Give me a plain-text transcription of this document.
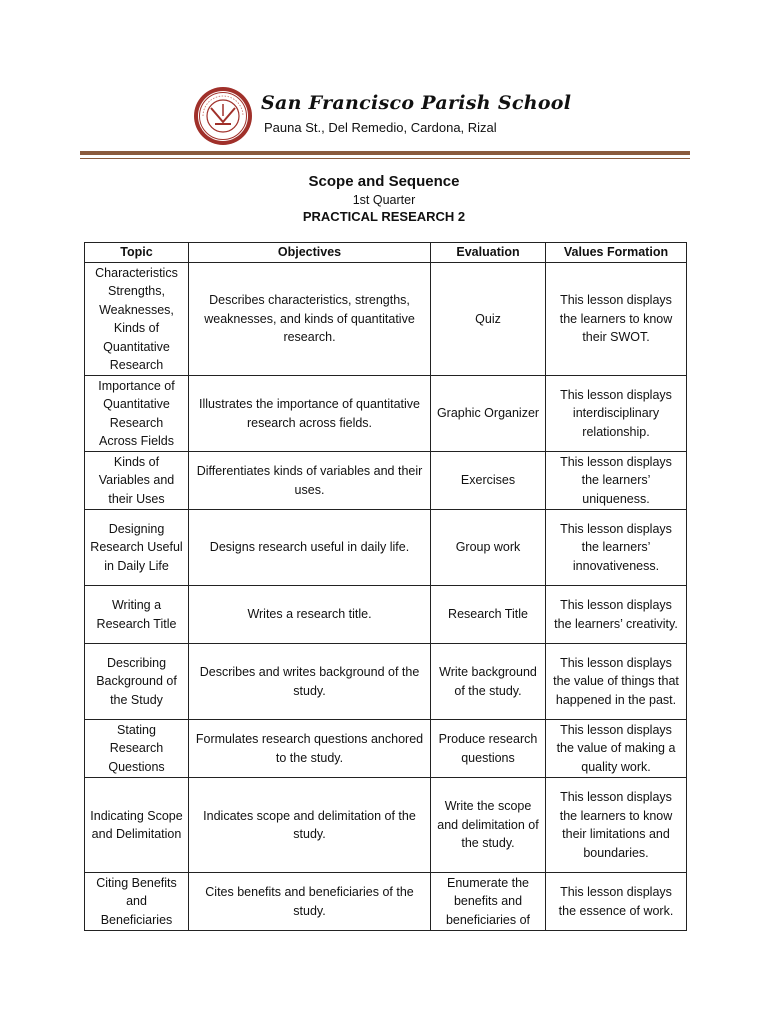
San Francisco Parish School
Pauna St., Del Remedio, Cardona, Rizal
Scope and Sequence
1st Quarter
PRACTICAL RESEARCH 2
Topic	Objectives	Evaluation	Values Formation
Characteristics Strengths, Weaknesses, Kinds of Quantitative Research	Describes characteristics, strengths, weaknesses, and kinds of quantitative research.	Quiz	This lesson displays the learners to know their SWOT.
Importance of Quantitative Research Across Fields	Illustrates the importance of quantitative research across fields.	Graphic Organizer	This lesson displays interdisciplinary relationship.
Kinds of Variables and their Uses	Differentiates kinds of variables and their uses.	Exercises	This lesson displays the learners’ uniqueness.
Designing Research Useful in Daily Life	Designs research useful in daily life.	Group work	This lesson displays the learners’ innovativeness.
Writing a Research Title	Writes a research title.	Research Title	This lesson displays the learners’ creativity.
Describing Background of the Study	Describes and writes background of the study.	Write background of the study.	This lesson displays the value of things that happened in the past.
Stating Research Questions	Formulates research questions anchored to the study.	Produce research questions	This lesson displays the value of making a quality work.
Indicating Scope and Delimitation	Indicates scope and delimitation of the study.	Write the scope and delimitation of the study.	This lesson displays the learners to know their limitations and boundaries.
Citing Benefits and Beneficiaries	Cites benefits and beneficiaries of the study.	Enumerate the benefits and beneficiaries of	This lesson displays the essence of work.
